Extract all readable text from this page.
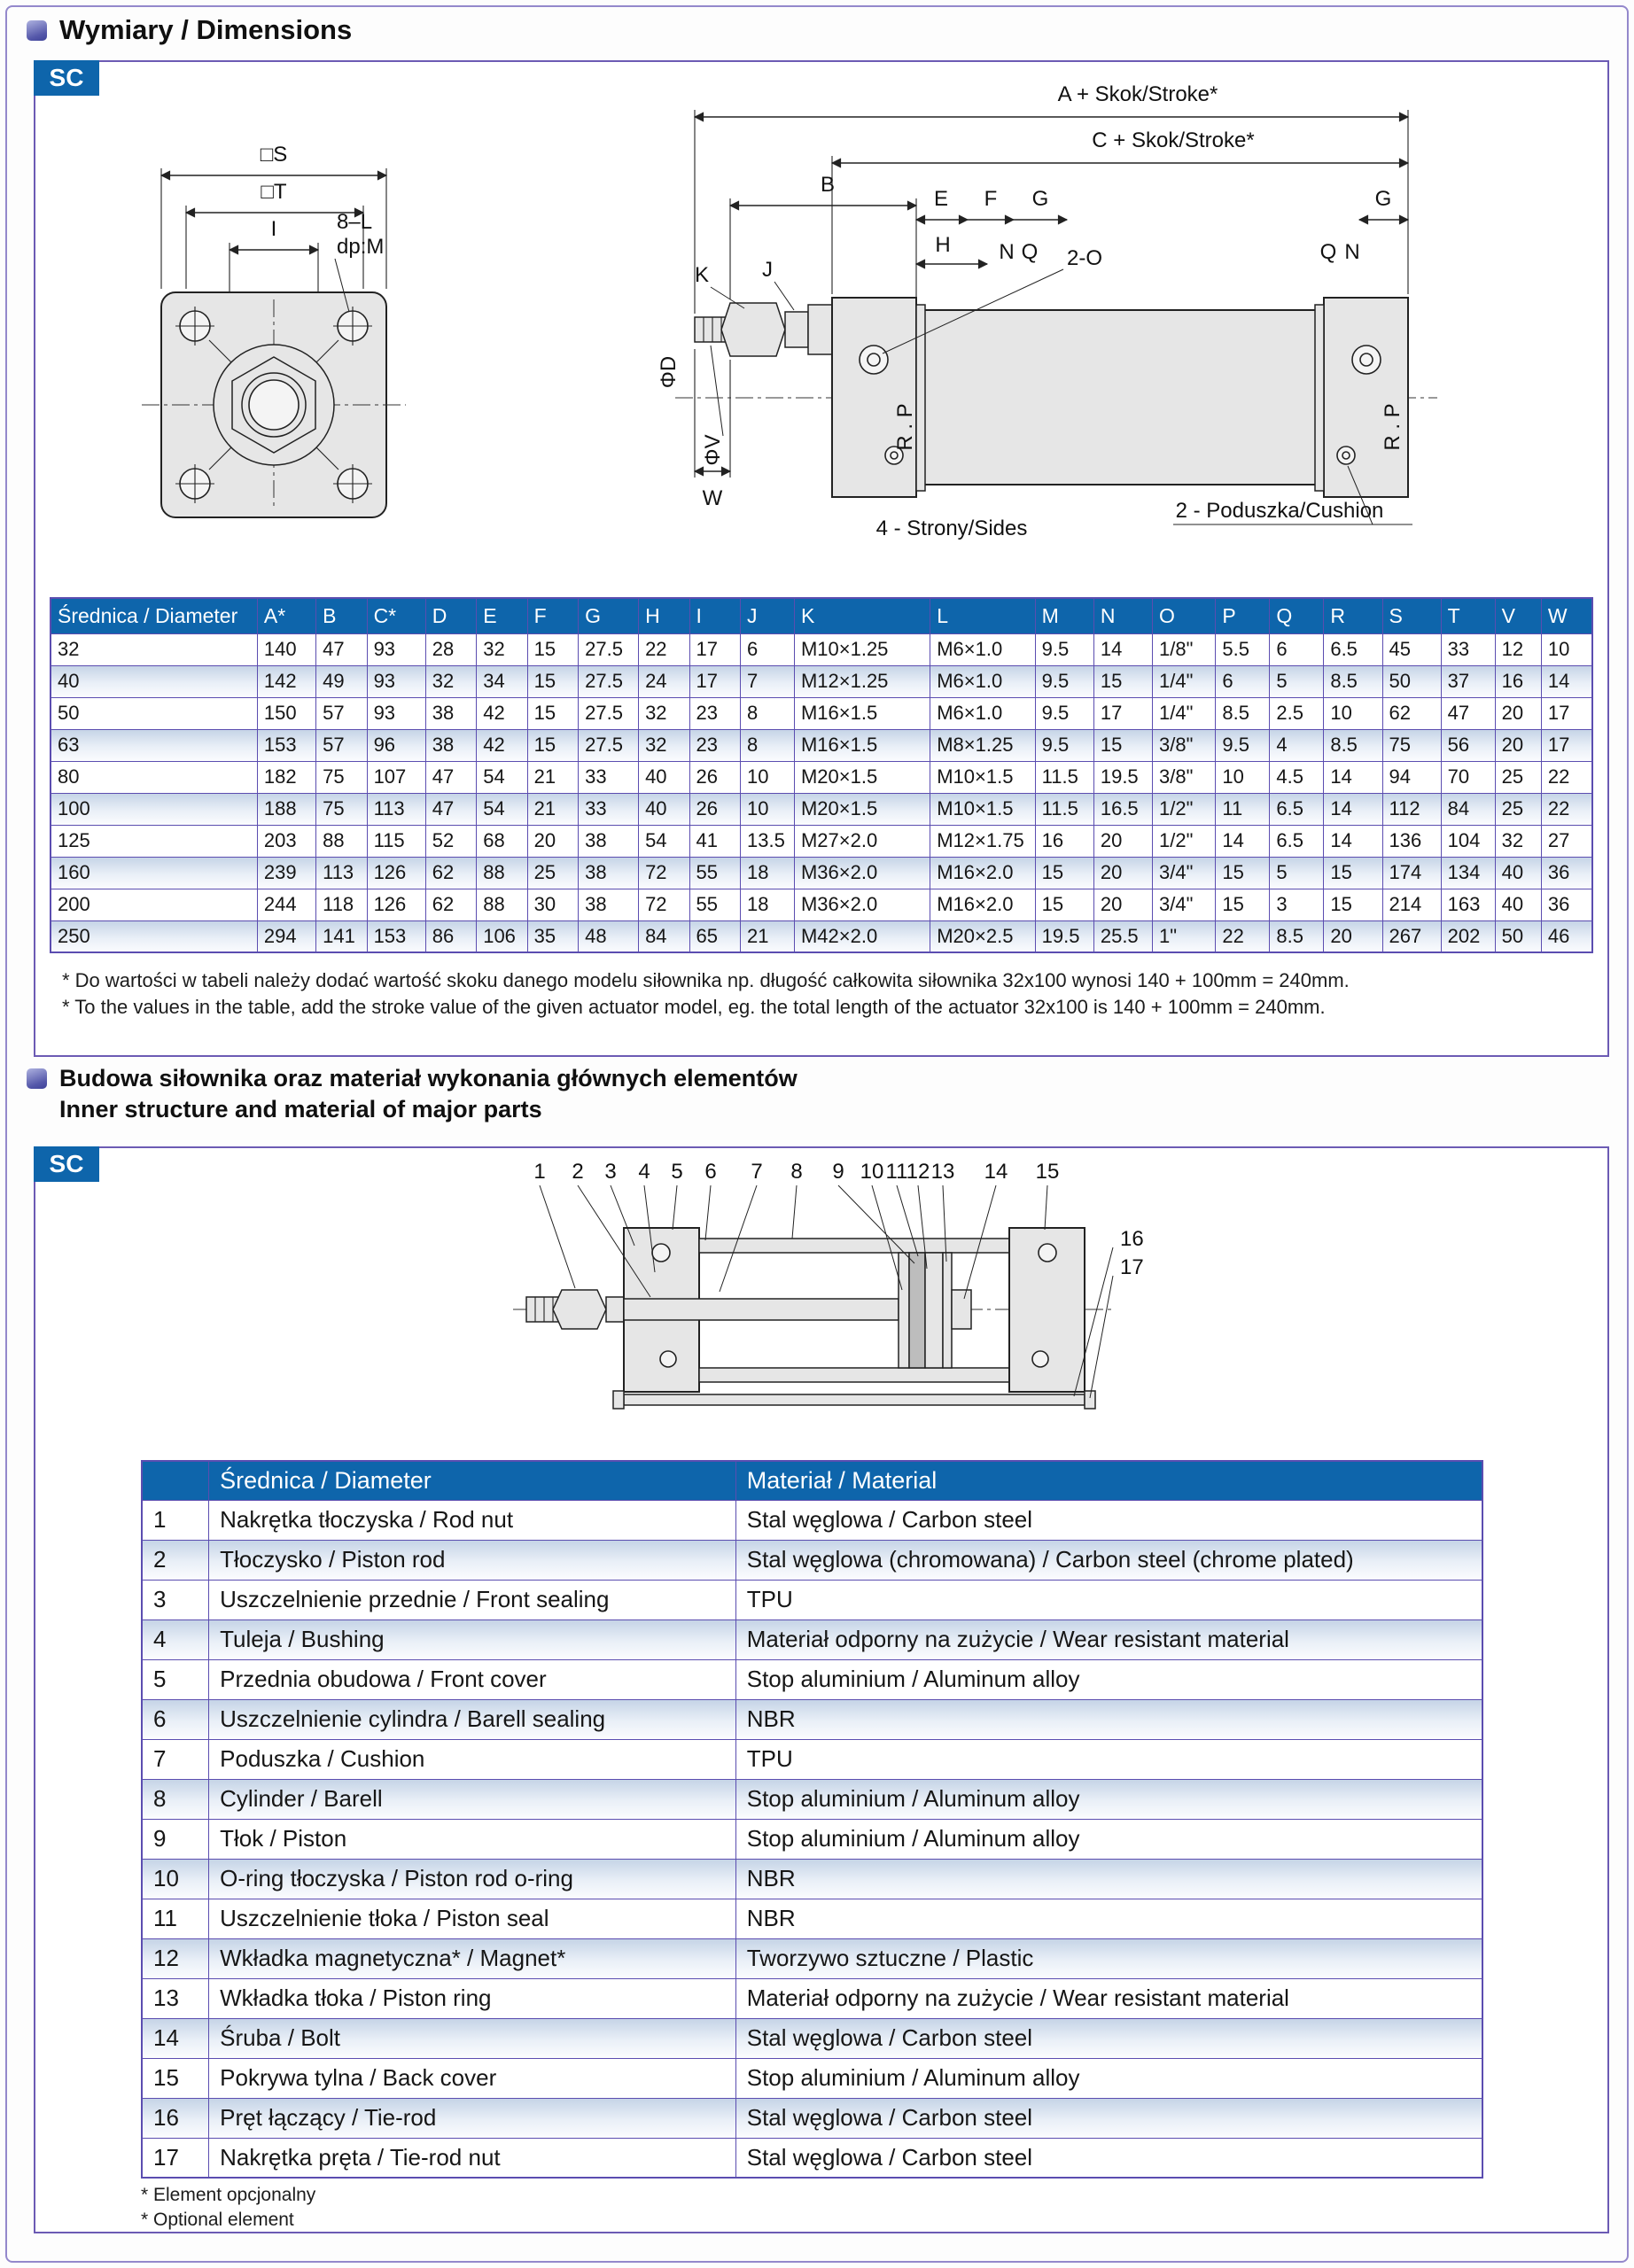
Wymiary / Dimensions
SC
□S
□T
I	8–L
dp:M
A + Skok/Stroke*
C + Skok/Stroke*
B
E F G	G
H N Q	Q N
2-O
K J
ΦD
ΦV
W
R . P	R . P
4 - Strony/Sides
2 - Poduszka/Cushion
Średnica / Diameter	A*	B	C*	D	E	F	G	H	I	J	K	L	M	N	O	P	Q	R	S	T	V	W
32	140	47	93	28	32	15	27.5	22	17	6	M10×1.25	M6×1.0	9.5	14	1/8"	5.5	6	6.5	45	33	12	10
40	142	49	93	32	34	15	27.5	24	17	7	M12×1.25	M6×1.0	9.5	15	1/4"	6	5	8.5	50	37	16	14
50	150	57	93	38	42	15	27.5	32	23	8	M16×1.5	M6×1.0	9.5	17	1/4"	8.5	2.5	10	62	47	20	17
63	153	57	96	38	42	15	27.5	32	23	8	M16×1.5	M8×1.25	9.5	15	3/8"	9.5	4	8.5	75	56	20	17
80	182	75	107	47	54	21	33	40	26	10	M20×1.5	M10×1.5	11.5	19.5	3/8"	10	4.5	14	94	70	25	22
100	188	75	113	47	54	21	33	40	26	10	M20×1.5	M10×1.5	11.5	16.5	1/2"	11	6.5	14	112	84	25	22
125	203	88	115	52	68	20	38	54	41	13.5	M27×2.0	M12×1.75	16	20	1/2"	14	6.5	14	136	104	32	27
160	239	113	126	62	88	25	38	72	55	18	M36×2.0	M16×2.0	15	20	3/4"	15	5	15	174	134	40	36
200	244	118	126	62	88	30	38	72	55	18	M36×2.0	M16×2.0	15	20	3/4"	15	3	15	214	163	40	36
250	294	141	153	86	106	35	48	84	65	21	M42×2.0	M20×2.5	19.5	25.5	1"	22	8.5	20	267	202	50	46
* Do wartości w tabeli należy dodać wartość skoku danego modelu siłownika np. długość całkowita siłownika 32x100 wynosi 140 + 100mm = 240mm.
* To the values in the table, add the stroke value of the given actuator model, eg. the total length of the actuator 32x100 is 140 + 100mm = 240mm.
Budowa siłownika oraz materiał wykonania głównych elementów
Inner structure and material of major parts
SC	1 2 3 4 5 6 7 8 9 10 11
12 13 14 15
16
17
	Średnica / Diameter	Materiał / Material
1	Nakrętka tłoczyska / Rod nut	Stal węglowa / Carbon steel
2	Tłoczysko / Piston rod	Stal węglowa (chromowana) / Carbon steel (chrome plated)
3	Uszczelnienie przednie / Front sealing	TPU
4	Tuleja / Bushing	Materiał odporny na zużycie / Wear resistant material
5	Przednia obudowa / Front cover	Stop aluminium / Aluminum alloy
6	Uszczelnienie cylindra / Barell sealing	NBR
7	Poduszka / Cushion	TPU
8	Cylinder / Barell	Stop aluminium / Aluminum alloy
9	Tłok / Piston	Stop aluminium / Aluminum alloy
10	O-ring tłoczyska / Piston rod o-ring	NBR
11	Uszczelnienie tłoka / Piston seal	NBR
12	Wkładka magnetyczna* / Magnet*	Tworzywo sztuczne / Plastic
13	Wkładka tłoka / Piston ring	Materiał odporny na zużycie / Wear resistant material
14	Śruba / Bolt	Stal węglowa / Carbon steel
15	Pokrywa tylna / Back cover	Stop aluminium / Aluminum alloy
16	Pręt łączący / Tie-rod	Stal węglowa / Carbon steel
17	Nakrętka pręta / Tie-rod nut	Stal węglowa / Carbon steel
* Element opcjonalny
* Optional element
